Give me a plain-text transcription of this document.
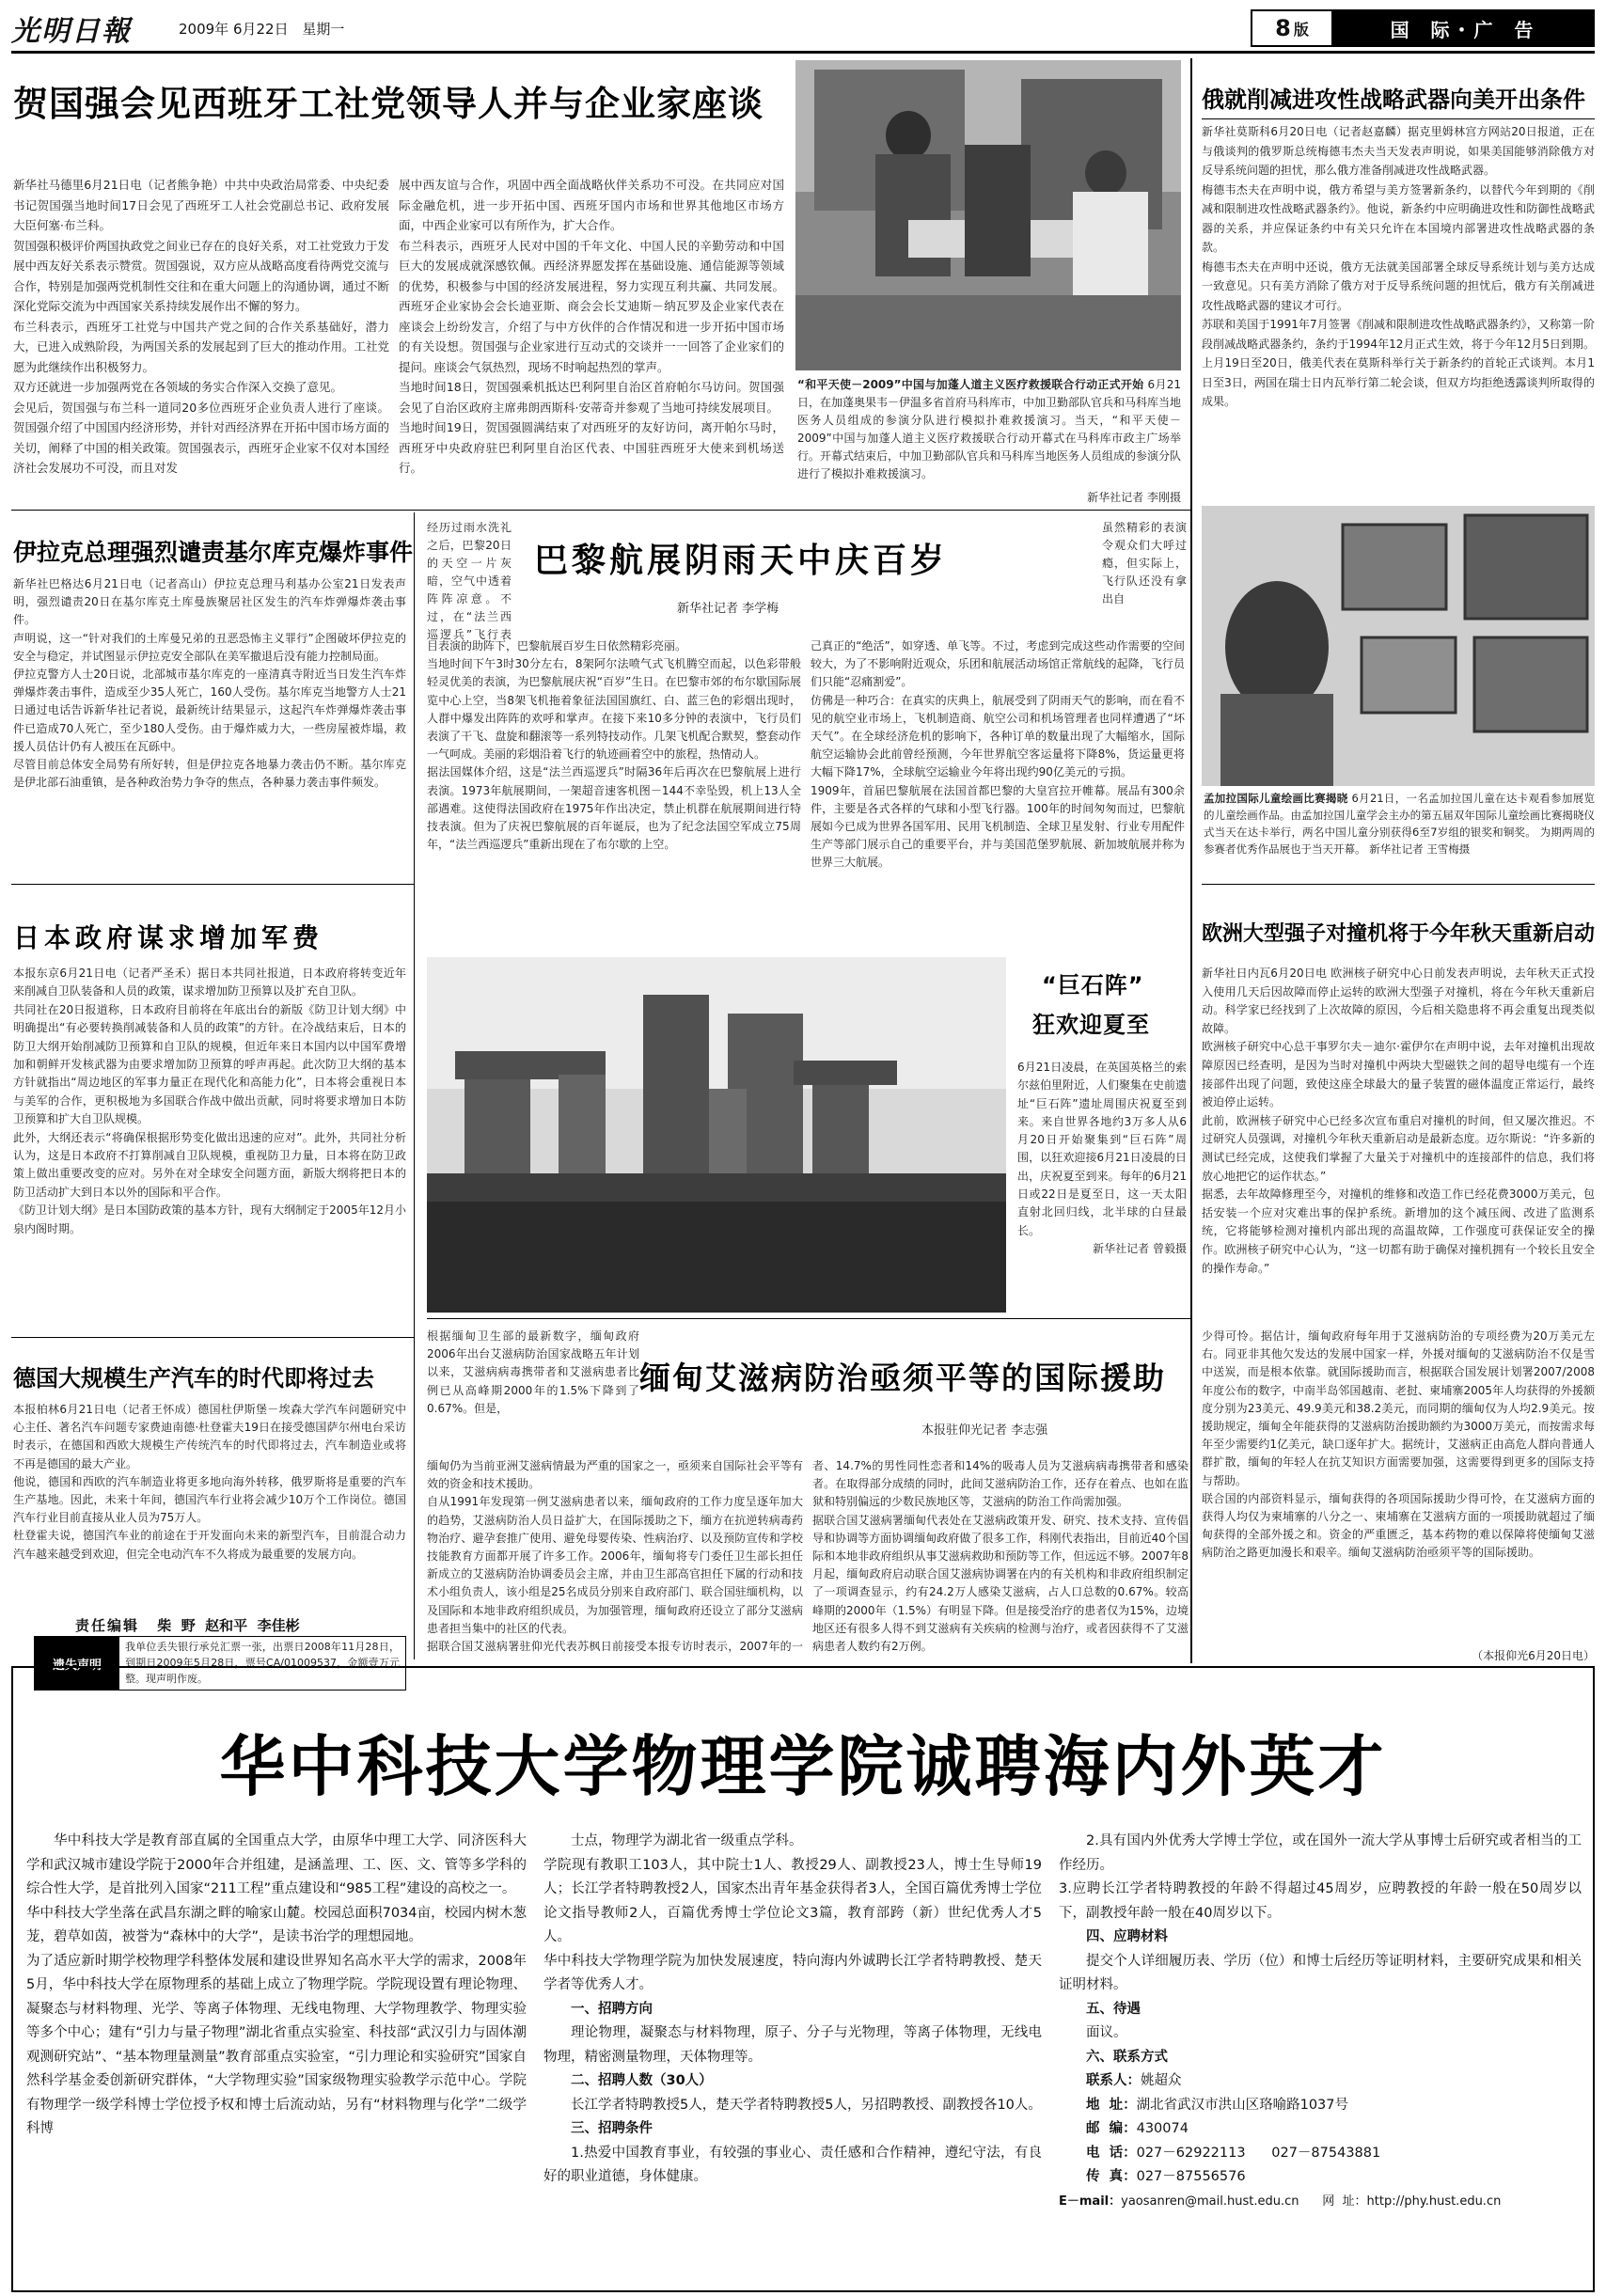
光明日報	2009年 6月22日 星期一	8 版	国  际・广  告
贺国强会见西班牙工社党领导人并与企业家座谈
新华社马德里6月21日电（记者熊争艳）中共中央政治局常委、中央纪委书记贺国强当地时间17日会见了西班牙工人社会党副总书记、政府发展大臣何塞·布兰科。
贺国强积极评价两国执政党之间业已存在的良好关系，对工社党致力于发展中西友好关系表示赞赏。贺国强说，双方应从战略高度看待两党交流与合作，特别是加强两党机制性交往和在重大问题上的沟通协调，通过不断深化党际交流为中西国家关系持续发展作出不懈的努力。
布兰科表示，西班牙工社党与中国共产党之间的合作关系基础好，潜力大，已进入成熟阶段，为两国关系的发展起到了巨大的推动作用。工社党愿为此继续作出积极努力。
双方还就进一步加强两党在各领域的务实合作深入交换了意见。
会见后，贺国强与布兰科一道同20多位西班牙企业负责人进行了座谈。贺国强介绍了中国国内经济形势，并针对西经济界在开拓中国市场方面的关切，阐释了中国的相关政策。贺国强表示，西班牙企业家不仅对本国经济社会发展功不可没，而且对发
展中西友谊与合作，巩固中西全面战略伙伴关系功不可没。在共同应对国际金融危机，进一步开拓中国、西班牙国内市场和世界其他地区市场方面，中西企业家可以有所作为，扩大合作。
布兰科表示，西班牙人民对中国的千年文化、中国人民的辛勤劳动和中国巨大的发展成就深感钦佩。西经济界愿发挥在基础设施、通信能源等领域的优势，积极参与中国的经济发展进程，努力实现互利共赢、共同发展。西班牙企业家协会会长迪亚斯、商会会长艾迪斯－纳瓦罗及企业家代表在座谈会上纷纷发言，介绍了与中方伙伴的合作情况和进一步开拓中国市场的有关设想。贺国强与企业家进行互动式的交谈并一一回答了企业家们的提问。座谈会气氛热烈，现场不时响起热烈的掌声。
当地时间18日，贺国强乘机抵达巴利阿里自治区首府帕尔马访问。贺国强会见了自治区政府主席弗朗西斯科·安蒂奇并参观了当地可持续发展项目。
当地时间19日，贺国强圆满结束了对西班牙的友好访问，离开帕尔马时，西班牙中央政府驻巴利阿里自治区代表、中国驻西班牙大使来到机场送行。
“和平天使－2009”中国与加蓬人道主义医疗救援联合行动正式开始 6月21日，在加蓬奥果韦－伊温多省首府马科库市，中加卫勤部队官兵和马科库当地医务人员组成的参演分队进行模拟扑难救援演习。当天，“和平天使－2009”中国与加蓬人道主义医疗救援联合行动开幕式在马科库市政主广场举行。开幕式结束后，中加卫勤部队官兵和马科库当地医务人员组成的参演分队进行了模拟扑难救援演习。
新华社记者 李刚摄
俄就削减进攻性战略武器向美开出条件
新华社莫斯科6月20日电（记者赵嘉麟）据克里姆林宫方网站20日报道，正在与俄谈判的俄罗斯总统梅德韦杰夫当天发表声明说，如果美国能够消除俄方对反导系统问题的担忧，那么俄方准备削减进攻性战略武器。
梅德韦杰夫在声明中说，俄方希望与美方签署新条约，以替代今年到期的《削减和限制进攻性战略武器条约》。他说，新条约中应明确进攻性和防御性战略武器的关系，并应保证条约中有关只允许在本国境内部署进攻性战略武器的条款。
梅德韦杰夫在声明中还说，俄方无法就美国部署全球反导系统计划与美方达成一致意见。只有美方消除了俄方对于反导系统问题的担忧后，俄方有关削减进攻性战略武器的建议才可行。
苏联和美国于1991年7月签署《削减和限制进攻性战略武器条约》，又称第一阶段削减战略武器条约，条约于1994年12月正式生效，将于今年12月5日到期。上月19日至20日，俄美代表在莫斯科举行关于新条约的首轮正式谈判。本月1日至3日，两国在瑞士日内瓦举行第二轮会谈，但双方均拒绝透露谈判所取得的成果。
伊拉克总理强烈谴责基尔库克爆炸事件
新华社巴格达6月21日电（记者高山）伊拉克总理马利基办公室21日发表声明，强烈谴责20日在基尔库克土库曼族聚居社区发生的汽车炸弹爆炸袭击事件。
声明说，这一“针对我们的土库曼兄弟的丑恶恐怖主义罪行”企图破坏伊拉克的安全与稳定，并试图显示伊拉克安全部队在美军撤退后没有能力控制局面。
伊拉克警方人士20日说，北部城市基尔库克的一座清真寺附近当日发生汽车炸弹爆炸袭击事件，造成至少35人死亡，160人受伤。基尔库克当地警方人士21日通过电话告诉新华社记者说，最新统计结果显示，这起汽车炸弹爆炸袭击事件已造成70人死亡，至少180人受伤。由于爆炸威力大，一些房屋被炸塌，救援人员估计仍有人被压在瓦砾中。
尽管目前总体安全局势有所好转，但是伊拉克各地暴力袭击仍不断。基尔库克是伊北部石油重镇，是各种政治势力争夺的焦点，各种暴力袭击事件频发。
经历过雨水洗礼之后，巴黎20日的天空一片灰暗，空气中透着阵阵凉意。不过，在“法兰西巡逻兵”飞行表
巴黎航展阴雨天中庆百岁
新华社记者 李学梅
虽然精彩的表演令观众们大呼过瘾，但实际上，飞行队还没有拿出自
目表演的助阵下，巴黎航展百岁生日依然精彩亮丽。
当地时间下午3时30分左右，8架阿尔法喷气式飞机腾空而起，以色彩带般轻灵优美的表演，为巴黎航展庆祝“百岁”生日。在巴黎市郊的布尔歇国际展览中心上空，当8架飞机拖着象征法国国旗红、白、蓝三色的彩烟出现时，人群中爆发出阵阵的欢呼和掌声。在接下来10多分钟的表演中，飞行员们表演了干飞、盘旋和翻滚等一系列特技动作。几架飞机配合默契，整套动作一气呵成。美丽的彩烟沿着飞行的轨迹画着空中的旅程，热情动人。
据法国媒体介绍，这是“法兰西巡逻兵”时隔36年后再次在巴黎航展上进行表演。1973年航展期间，一架超音速客机图－144不幸坠毁，机上13人全部遇难。这使得法国政府在1975年作出决定，禁止机群在航展期间进行特技表演。但为了庆祝巴黎航展的百年诞辰，也为了纪念法国空军成立75周年，“法兰西巡逻兵”重新出现在了布尔歇的上空。
己真正的“绝活”，如穿透、单飞等。不过，考虑到完成这些动作需要的空间较大，为了不影响附近观众，乐团和航展活动场馆正常航线的起降，飞行员们只能“忍痛割爱”。
仿佛是一种巧合：在真实的庆典上，航展受到了阴雨天气的影响，而在看不见的航空业市场上，飞机制造商、航空公司和机场管理者也同样遭遇了“坏天气”。在全球经济危机的影响下，各种订单的数量出现了大幅缩水，国际航空运输协会此前曾经预测，今年世界航空客运量将下降8%，货运量更将大幅下降17%，全球航空运输业今年将出现约90亿美元的亏损。
1909年，首届巴黎航展在法国首都巴黎的大皇宫拉开帷幕。展品有300余件，主要是各式各样的气球和小型飞行器。100年的时间匆匆而过，巴黎航展如今已成为世界各国军用、民用飞机制造、全球卫星发射、行业专用配件生产等部门展示自己的重要平台，并与美国范堡罗航展、新加坡航展并称为世界三大航展。
孟加拉国际儿童绘画比赛揭晓 6月21日，一名孟加拉国儿童在达卡观看参加展览的儿童绘画作品。由孟加拉国儿童学会主办的第五届双年国际儿童绘画比赛揭晓仪式当天在达卡举行，两名中国儿童分别获得6至7岁组的银奖和铜奖。 为期两周的参赛者优秀作品展也于当天开幕。 新华社记者 王雪梅摄
欧洲大型强子对撞机将于今年秋天重新启动
新华社日内瓦6月20日电 欧洲核子研究中心日前发表声明说，去年秋天正式投入使用几天后因故障而停止运转的欧洲大型强子对撞机，将在今年秋天重新启动。科学家已经找到了上次故障的原因，今后相关隐患将不再会重复出现类似故障。
欧洲核子研究中心总干事罗尔夫－迪尔·霍伊尔在声明中说，去年对撞机出现故障原因已经查明，是因为当时对撞机中两块大型磁铁之间的超导电缆有一个连接部件出现了问题，致使这座全球最大的量子装置的磁体温度正常运行，最终被迫停止运转。
此前，欧洲核子研究中心已经多次宣布重启对撞机的时间，但又屡次推迟。不过研究人员强调，对撞机今年秋天重新启动是最新态度。迈尔斯说：“许多新的测试已经完成，这使我们掌握了大量关于对撞机中的连接部件的信息，我们将放心地把它的运作状态。”
据悉，去年故障修理至今，对撞机的维修和改造工作已经花费3000万美元，包括安装一个应对灾难出事的保护系统。新增加的这个减压阀、改进了监测系统，它将能够检测对撞机内部出现的高温故障，工作强度可获保证安全的操作。欧洲核子研究中心认为，“这一切都有助于确保对撞机拥有一个较长且安全的操作寿命。”
日本政府谋求增加军费
本报东京6月21日电（记者严圣禾）据日本共同社报道，日本政府将转变近年来削减自卫队装备和人员的政策，谋求增加防卫预算以及扩充自卫队。
共同社在20日报道称，日本政府目前将在年底出台的新版《防卫计划大纲》中明确提出“有必要转换削减装备和人员的政策”的方针。在冷战结束后，日本的防卫大纲开始削减防卫预算和自卫队的规模，但近年来日本国内以中国军费增加和朝鲜开发核武器为由要求增加防卫预算的呼声再起。此次防卫大纲的基本方针就指出“周边地区的军事力量正在现代化和高能力化”，日本将会重视日本与美军的合作，更积极地为多国联合作战中做出贡献，同时将要求增加日本防卫预算和扩大自卫队规模。
此外，大纲还表示“将确保根据形势变化做出迅速的应对”。此外，共同社分析认为，这是日本政府不打算削减自卫队规模，重视防卫力量，日本将在防卫政策上做出重要改变的应对。另外在对全球安全问题方面，新版大纲将把日本的防卫活动扩大到日本以外的国际和平合作。
《防卫计划大纲》是日本国防政策的基本方针，现有大纲制定于2005年12月小泉内阁时期。
“巨石阵”
狂欢迎夏至
6月21日凌晨，在英国英格兰的索尔兹伯里附近，人们聚集在史前遗址“巨石阵”遗址周围庆祝夏至到来。来自世界各地约3万多人从6月20日开始聚集到“巨石阵”周围，以狂欢迎接6月21日凌晨的日出，庆祝夏至到来。每年的6月21日或22日是夏至日，这一天太阳直射北回归线，北半球的白昼最长。
新华社记者 曾毅摄
德国大规模生产汽车的时代即将过去
本报柏林6月21日电（记者王怀成）德国杜伊斯堡－埃森大学汽车问题研究中心主任、著名汽车问题专家费迪南德·杜登霍夫19日在接受德国萨尔州电台采访时表示，在德国和西欧大规模生产传统汽车的时代即将过去，汽车制造业或将不再是德国的最大产业。
他说，德国和西欧的汽车制造业将更多地向海外转移，俄罗斯将是重要的汽车生产基地。因此，未来十年间，德国汽车行业将会减少10万个工作岗位。德国汽车行业目前直接从业人员为75万人。
杜登霍夫说，德国汽车业的前途在于开发面向未来的新型汽车，目前混合动力汽车越来越受到欢迎，但完全电动汽车不久将成为最重要的发展方向。
责任编辑 柴  野  赵和平  李佳彬
遗失声明
我单位丢失银行承兑汇票一张，出票日2008年11月28日，到期日2009年5月28日，票号CA/01009537，金额壹万元整。现声明作废。
根据缅甸卫生部的最新数字，缅甸政府2006年出台艾滋病防治国家战略五年计划以来，艾滋病病毒携带者和艾滋病患者比例已从高峰期2000年的1.5%下降到了0.67%。但是，
缅甸艾滋病防治亟须平等的国际援助
本报驻仰光记者 李志强
缅甸仍为当前亚洲艾滋病情最为严重的国家之一，亟须来自国际社会平等有效的资金和技术援助。
自从1991年发现第一例艾滋病患者以来，缅甸政府的工作力度呈逐年加大的趋势，艾滋病防治人员日益扩大，在国际援助之下，缅方在抗逆转病毒药物治疗、避孕套推广使用、避免母婴传染、性病治疗、以及预防宣传和学校技能教育方面都开展了许多工作。2006年，缅甸将专门委任卫生部长担任新成立的艾滋病防治协调委员会主席，并由卫生部高官担任下属的行动和技术小组负责人，该小组是25名成员分别来自政府部门、联合国驻缅机构，以及国际和本地非政府组织成员，为加强管理，缅甸政府还设立了部分艾滋病患者担当集中的社区的代表。
据联合国艾滋病署驻仰光代表苏枫日前接受本报专访时表示，2007年的一
者、14.7%的男性同性恋者和14%的吸毒人员为艾滋病病毒携带者和感染者。在取得部分成绩的同时，此间艾滋病防治工作，还存在着点、也如在监狱和特别偏远的少数民族地区等，艾滋病的防治工作尚需加强。
据联合国艾滋病署缅甸代表处在艾滋病政策开发、研究、技术支持、宣传倡导和协调等方面协调缅甸政府做了很多工作，科刚代表指出，目前近40个国际和本地非政府组织从事艾滋病救助和预防等工作，但远远不够。2007年8月起，缅甸政府启动联合国艾滋病协调署在内的有关机构和非政府组织制定了一项调查显示，约有24.2万人感染艾滋病，占人口总数的0.67%。较高峰期的2000年（1.5%）有明显下降。但是接受治疗的患者仅为15%，边境地区还有很多人得不到艾滋病有关疾病的检测与治疗，或者因获得不了艾滋病患者人数约有2万例。

少得可怜。据估计，缅甸政府每年用于艾滋病防治的专项经费为20万美元左右。同亚非其他欠发达的发展中国家一样，外援对缅甸的艾滋病防治不仅是雪中送炭，而是根本依靠。就国际援助而言，根据联合国发展计划署2007/2008年度公布的数字，中南半岛邻国越南、老挝、柬埔寨2005年人均获得的外援额度分别为23美元、49.9美元和38.2美元，而同期的缅甸仅为人均2.9美元。按援助规定，缅甸全年能获得的艾滋病防治援助额约为3000万美元，而按需求每年至少需要约1亿美元，缺口逐年扩大。据统计，艾滋病正由高危人群向普通人群扩散，缅甸的年轻人在抗艾知识方面需要加强，这需要得到更多的国际支持与帮助。
联合国的内部资料显示，缅甸获得的各项国际援助少得可怜，在艾滋病方面的获得人均仅为柬埔寨的八分之一、柬埔寨在艾滋病方面的一项援助就超过了缅甸获得的全部外援之和。资金的严重匮乏，基本药物的难以保障将使缅甸艾滋病防治之路更加漫长和艰辛。缅甸艾滋病防治亟须平等的国际援助。
（本报仰光6月20日电）
华中科技大学物理学院诚聘海内外英才

华中科技大学是教育部直属的全国重点大学，由原华中理工大学、同济医科大学和武汉城市建设学院于2000年合并组建，是涵盖理、工、医、文、管等多学科的综合性大学，是首批列入国家“211工程”重点建设和“985工程”建设的高校之一。
华中科技大学坐落在武昌东湖之畔的喻家山麓。校园总面积7034亩，校园内树木葱茏，碧草如茵，被誉为“森林中的大学”，是读书治学的理想园地。
为了适应新时期学校物理学科整体发展和建设世界知名高水平大学的需求，2008年5月，华中科技大学在原物理系的基础上成立了物理学院。学院现设置有理论物理、凝聚态与材料物理、光学、等离子体物理、无线电物理、大学物理教学、物理实验等多个中心；建有“引力与量子物理”湖北省重点实验室、科技部“武汉引力与固体潮观测研究站”、“基本物理量测量”教育部重点实验室，“引力理论和实验研究”国家自然科学基金委创新研究群体，“大学物理实验”国家级物理实验教学示范中心。学院有物理学一级学科博士学位授予权和博士后流动站，另有“材料物理与化学”二级学科博

士点，物理学为湖北省一级重点学科。
学院现有教职工103人，其中院士1人、教授29人、副教授23人，博士生导师19人；长江学者特聘教授2人，国家杰出青年基金获得者3人，全国百篇优秀博士学位论文指导教师2人，百篇优秀博士学位论文3篇，教育部跨（新）世纪优秀人才5人。
华中科技大学物理学院为加快发展速度，特向海内外诚聘长江学者特聘教授、楚天学者等优秀人才。

一、招聘方向

理论物理，凝聚态与材料物理，原子、分子与光物理，等离子体物理，无线电物理，精密测量物理，天体物理等。

二、招聘人数（30人）

长江学者特聘教授5人，楚天学者特聘教授5人，另招聘教授、副教授各10人。

三、招聘条件

1.热爱中国教育事业，有较强的事业心、责任感和合作精神，遵纪守法，有良好的职业道德，身体健康。

2.具有国内外优秀大学博士学位，或在国外一流大学从事博士后研究或者相当的工作经历。
3.应聘长江学者特聘教授的年龄不得超过45周岁，应聘教授的年龄一般在50周岁以下，副教授年龄一般在40周岁以下。

四、应聘材料

提交个人详细履历表、学历（位）和博士后经历等证明材料，主要研究成果和相关证明材料。

五、待遇

面议。

六、联系方式
联系人：姚超众
地  址：湖北省武汉市洪山区珞喻路1037号
邮  编：430074
电  话：027－62922113      027－87543881
传  真：027－87556576
E－mail：yaosanren@mail.hust.edu.cn      网  址：http://phy.hust.edu.cn
